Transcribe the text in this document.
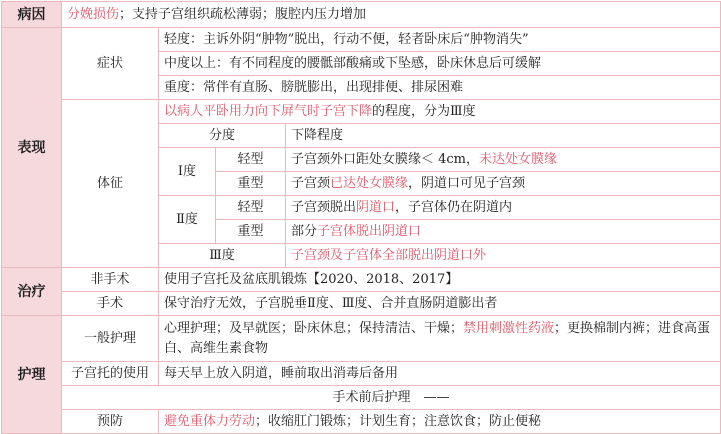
病因	分娩损伤；支持子宫组织疏松薄弱；腹腔内压力增加			
表现	症状	轻度：主诉外阴“肿物”脱出，行动不便，轻者卧床后“肿物消失”		
		中度以上：有不同程度的腰骶部酸痛或下坠感，卧床休息后可缓解		
		重度：常伴有直肠、膀胱膨出，出现排便、排尿困难		
	体征	以病人平卧用力向下屏气时子宫下降的程度，分为Ⅲ度		
		分度		下降程度
		Ⅰ度	轻型	子宫颈外口距处女膜缘＜ 4cm，未达处女膜缘
			重型	子宫颈已达处女膜缘，阴道口可见子宫颈
		Ⅱ度	轻型	子宫颈脱出阴道口，子宫体仍在阴道内
			重型	部分子宫体脱出阴道口
		Ⅲ度		子宫颈及子宫体全部脱出阴道口外
治疗	非手术	使用子宫托及盆底肌锻炼【2020、2018、2017】		
	手术	保守治疗无效，子宫脱垂Ⅱ度、Ⅲ度、合并直肠阴道膨出者		
护理	一般护理	心理护理；及早就医；卧床休息；保持清洁、干燥；禁用刺激性药液；更换棉制内裤；进食高蛋白、高维生素食物		
	子宫托的使用	每天早上放入阴道，睡前取出消毒后备用		
	手术前后护理　——			
	预防	避免重体力劳动；收缩肛门锻炼；计划生育；注意饮食；防止便秘		
